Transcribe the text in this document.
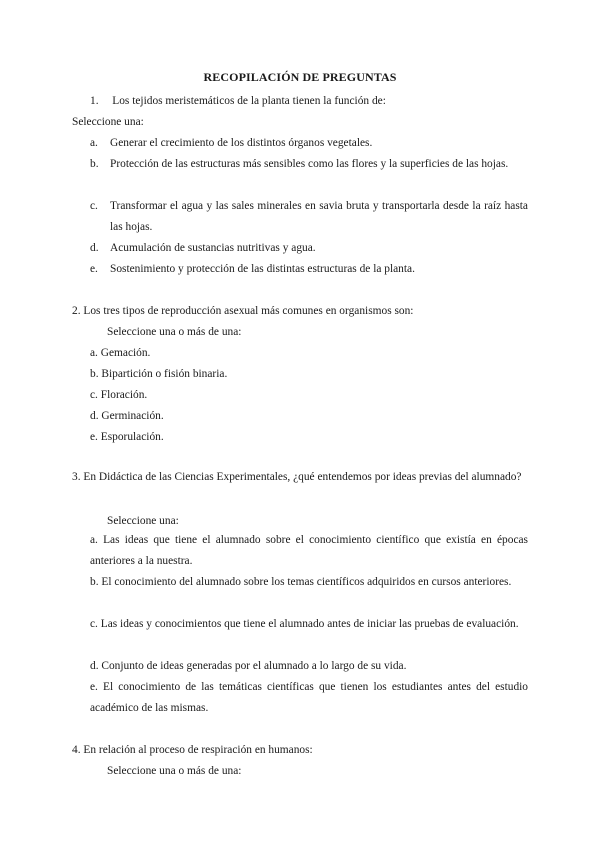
RECOPILACIÓN DE PREGUNTAS
1. Los tejidos meristemáticos de la planta tienen la función de:
Seleccione una:
a. Generar el crecimiento de los distintos órganos vegetales.
b. Protección de las estructuras más sensibles como las flores y la superficies de las hojas.
c. Transformar el agua y las sales minerales en savia bruta y transportarla desde la raíz hasta las hojas.
d. Acumulación de sustancias nutritivas y agua.
e. Sostenimiento y protección de las distintas estructuras de la planta.
2. Los tres tipos de reproducción asexual más comunes en organismos son:
Seleccione una o más de una:
a. Gemación.
b. Bipartición o fisión binaria.
c. Floración.
d. Germinación.
e. Esporulación.
3. En Didáctica de las Ciencias Experimentales, ¿qué entendemos por ideas previas del alumnado?
Seleccione una:
a. Las ideas que tiene el alumnado sobre el conocimiento científico que existía en épocas anteriores a la nuestra.
b. El conocimiento del alumnado sobre los temas científicos adquiridos en cursos anteriores.
c. Las ideas y conocimientos que tiene el alumnado antes de iniciar las pruebas de evaluación.
d. Conjunto de ideas generadas por el alumnado a lo largo de su vida.
e. El conocimiento de las temáticas científicas que tienen los estudiantes antes del estudio académico de las mismas.
4. En relación al proceso de respiración en humanos:
Seleccione una o más de una:
